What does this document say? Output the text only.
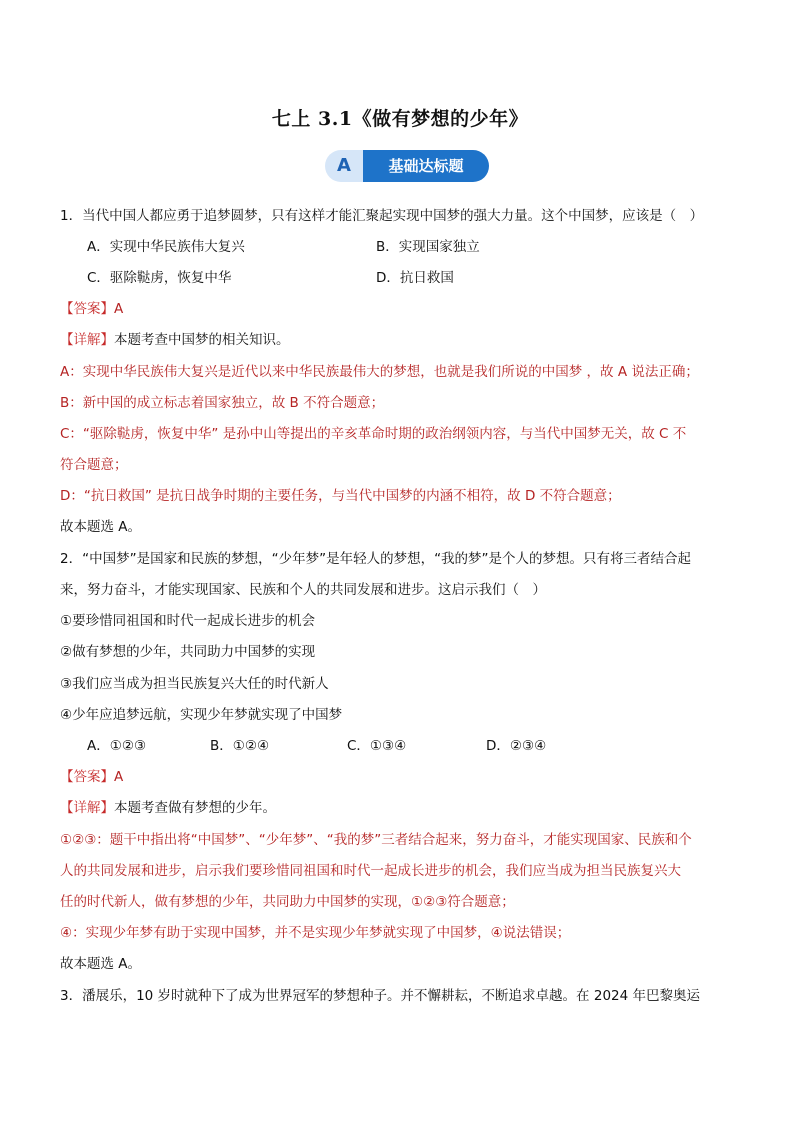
七上 3.1《做有梦想的少年》
A	基础达标题
1．当代中国人都应勇于追梦圆梦，只有这样才能汇聚起实现中国梦的强大力量。这个中国梦，应该是（　）
A．实现中华民族伟大复兴	B．实现国家独立
C．驱除鞑虏，恢复中华	D．抗日救国
【答案】A
【详解】本题考查中国梦的相关知识。
A：实现中华民族伟大复兴是近代以来中华民族最伟大的梦想，也就是我们所说的中国梦 ，故 A 说法正确；
B：新中国的成立标志着国家独立，故 B 不符合题意；
C：“驱除鞑虏，恢复中华” 是孙中山等提出的辛亥革命时期的政治纲领内容，与当代中国梦无关，故 C 不
符合题意；
D：“抗日救国” 是抗日战争时期的主要任务，与当代中国梦的内涵不相符，故 D 不符合题意；
故本题选 A。
2．“中国梦”是国家和民族的梦想，“少年梦”是年轻人的梦想，“我的梦”是个人的梦想。只有将三者结合起
来，努力奋斗，才能实现国家、民族和个人的共同发展和进步。这启示我们（　）
①要珍惜同祖国和时代一起成长进步的机会
②做有梦想的少年，共同助力中国梦的实现
③我们应当成为担当民族复兴大任的时代新人
④少年应追梦远航，实现少年梦就实现了中国梦
A．①②③	B．①②④	C．①③④	D．②③④
【答案】A
【详解】本题考查做有梦想的少年。
①②③：题干中指出将“中国梦”、“少年梦”、“我的梦”三者结合起来，努力奋斗，才能实现国家、民族和个
人的共同发展和进步，启示我们要珍惜同祖国和时代一起成长进步的机会，我们应当成为担当民族复兴大
任的时代新人，做有梦想的少年，共同助力中国梦的实现，①②③符合题意；
④：实现少年梦有助于实现中国梦，并不是实现少年梦就实现了中国梦，④说法错误；
故本题选 A。
3．潘展乐，10 岁时就种下了成为世界冠军的梦想种子。并不懈耕耘，不断追求卓越。在 2024 年巴黎奥运
